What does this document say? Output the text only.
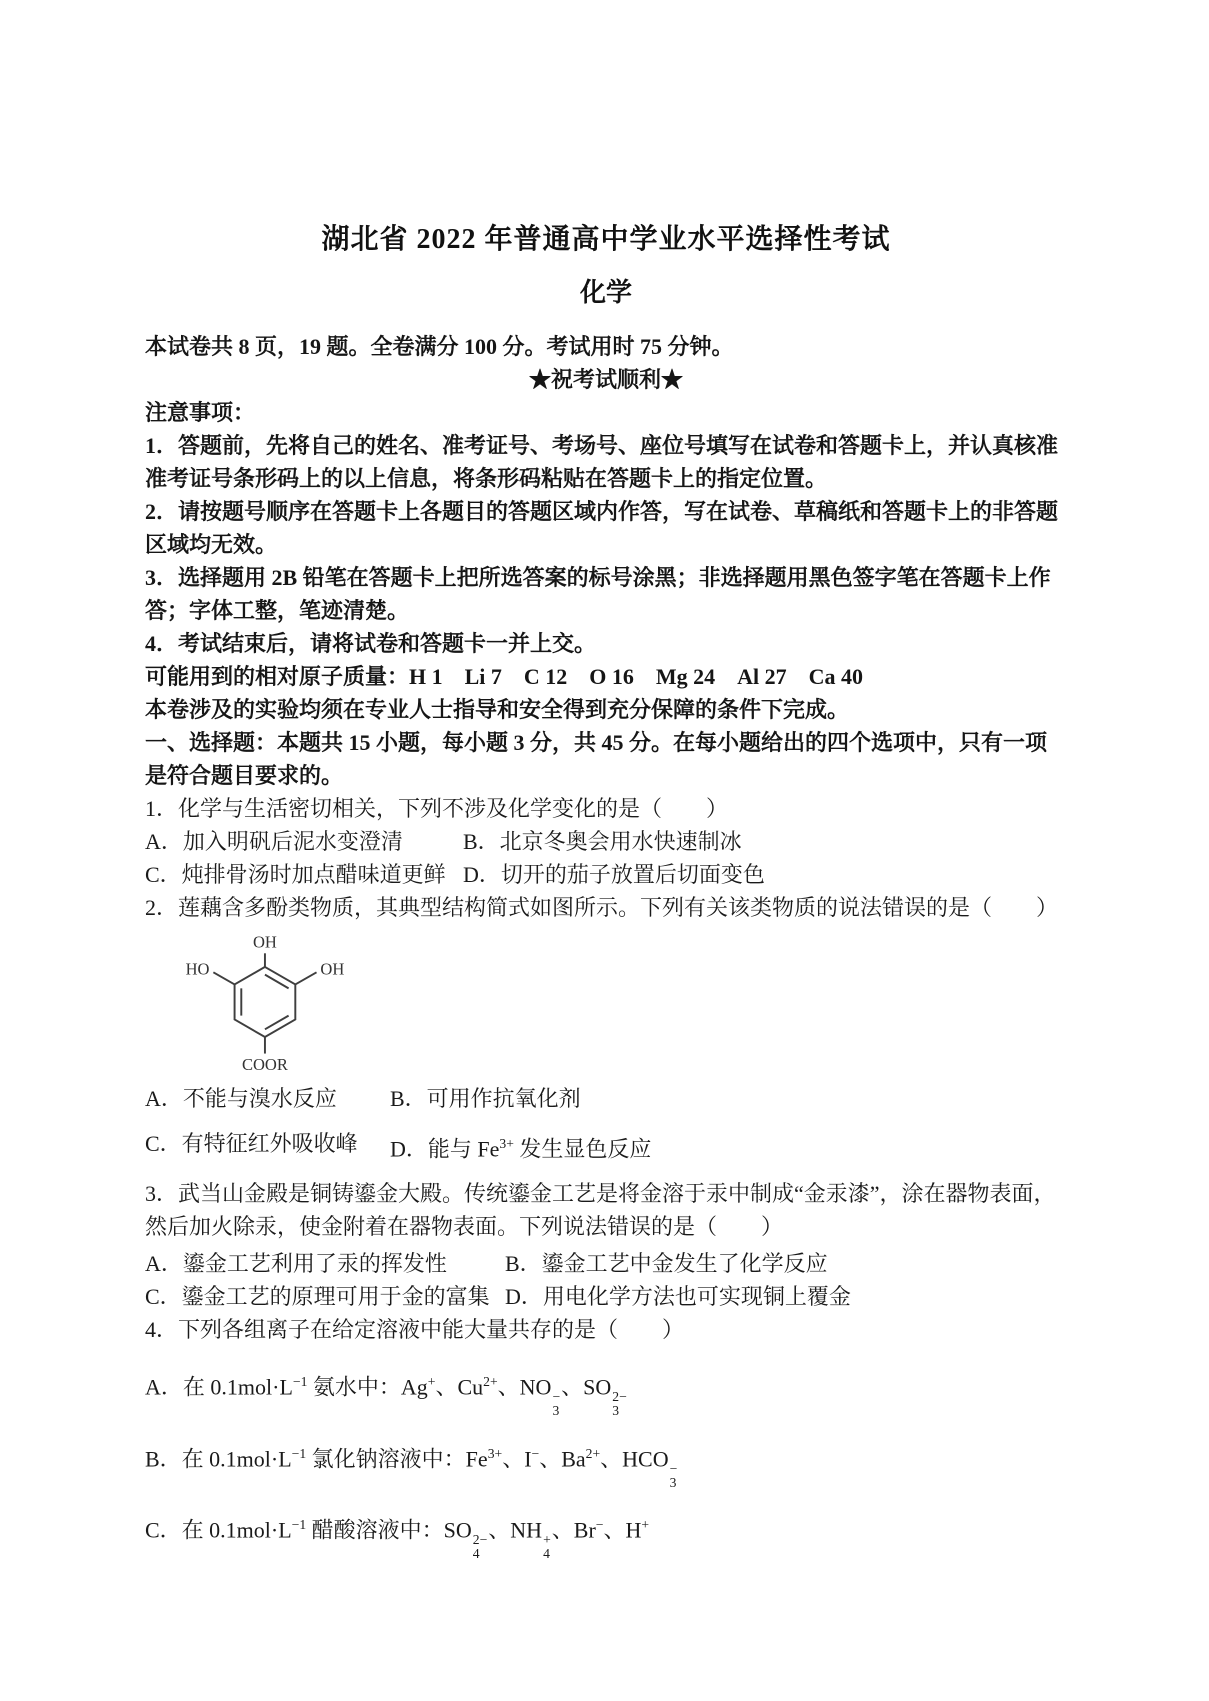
湖北省 2022 年普通高中学业水平选择性考试
化学

本试卷共 8 页，19 题。全卷满分 100 分。考试用时 75 分钟。

★祝考试顺利★

注意事项：

1．答题前，先将自己的姓名、准考证号、考场号、座位号填写在试卷和答题卡上，并认真核准准考证号条形码上的以上信息，将条形码粘贴在答题卡上的指定位置。

2．请按题号顺序在答题卡上各题目的答题区域内作答，写在试卷、草稿纸和答题卡上的非答题区域均无效。

3．选择题用 2B 铅笔在答题卡上把所选答案的标号涂黑；非选择题用黑色签字笔在答题卡上作答；字体工整，笔迹清楚。

4．考试结束后，请将试卷和答题卡一并上交。

可能用到的相对原子质量：H 1　Li 7　C 12　O 16　Mg 24　Al 27　Ca 40

本卷涉及的实验均须在专业人士指导和安全得到充分保障的条件下完成。

一、选择题：本题共 15 小题，每小题 3 分，共 45 分。在每小题给出的四个选项中，只有一项是符合题目要求的。

1．化学与生活密切相关，下列不涉及化学变化的是（　　）

A．加入明矾后泥水变澄清	B．北京冬奥会用水快速制冰
C．炖排骨汤时加点醋味道更鲜 D．切开的茄子放置后切面变色

2．莲藕含多酚类物质，其典型结构简式如图所示。下列有关该类物质的说法错误的是（　　）

OH
HO	OH
COOR
A．不能与溴水反应	B．可用作抗氧化剂
C．有特征红外吸收峰	D．能与 $Fe^{3+}$ 发生显色反应

3．武当山金殿是铜铸鎏金大殿。传统鎏金工艺是将金溶于汞中制成“金汞漆”，涂在器物表面，然后加火除汞，使金附着在器物表面。下列说法错误的是（　　）

A．鎏金工艺利用了汞的挥发性	B．鎏金工艺中金发生了化学反应
C．鎏金工艺的原理可用于金的富集 D．用电化学方法也可实现铜上覆金

4．下列各组离子在给定溶液中能大量共存的是（　　）

A．在 $0.1mol\cdot L^{-1}$ 氨水中：Ag+、$Cu^{2+}$、NO −
3
、SO 2−
3

B．在 $0.1mol\cdot L^{-1}$ 氯化钠溶液中：$Fe^{3+}$、I−、$Ba^{2+}$、HCO −
3

C．在 $0.1mol\cdot L^{-1}$ 醋酸溶液中：SO 2−
4
、NH +
4
、Br−、H+
